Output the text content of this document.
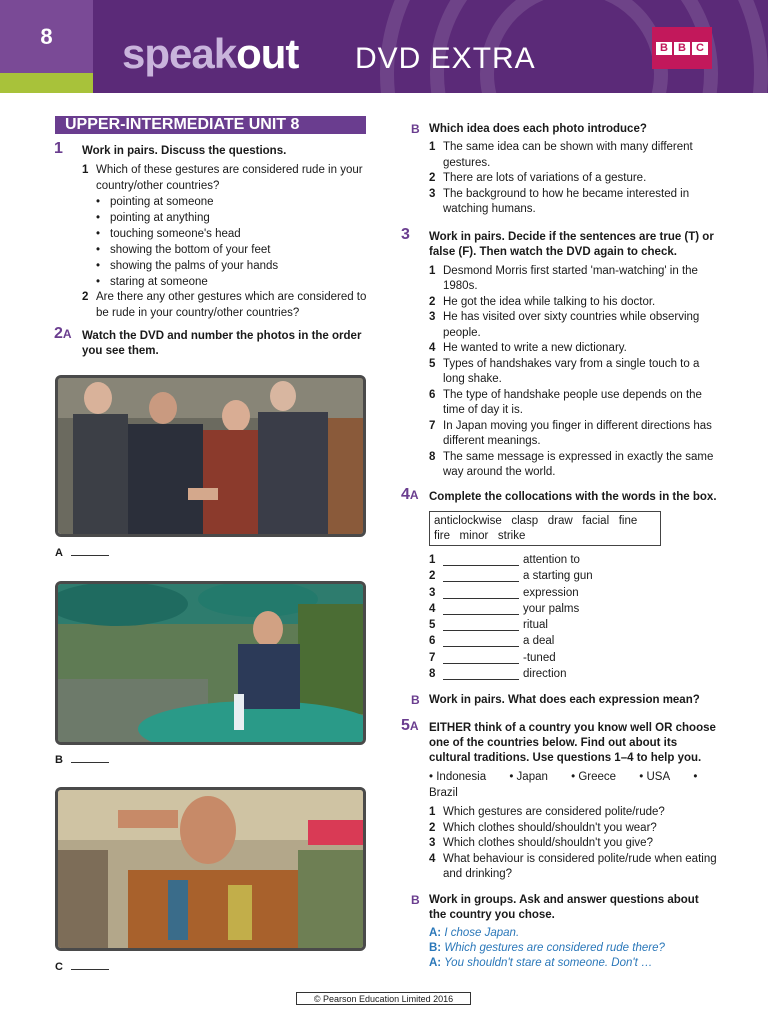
8	speakout DVD EXTRA	B B C
UPPER-INTERMEDIATE UNIT 8
1 Work in pairs. Discuss the questions.
1 Which of these gestures are considered rude in your country/other countries?
• pointing at someone
• pointing at anything
• touching someone's head
• showing the bottom of your feet
• showing the palms of your hands
• staring at someone
2 Are there any other gestures which are considered to be rude in your country/other countries?
2A Watch the DVD and number the photos in the order you see them.
A
B
C
B Which idea does each photo introduce?
1 The same idea can be shown with many different gestures.
2 There are lots of variations of a gesture.
3 The background to how he became interested in watching humans.
3 Work in pairs. Decide if the sentences are true (T) or false (F). Then watch the DVD again to check.
1 Desmond Morris first started 'man-watching' in the 1980s.
2 He got the idea while talking to his doctor.
3 He has visited over sixty countries while observing people.
4 He wanted to write a new dictionary.
5 Types of handshakes vary from a single touch to a long shake.
6 The type of handshake people use depends on the time of day it is.
7 In Japan moving you finger in different directions has different meanings.
8 The same message is expressed in exactly the same way around the world.
4A Complete the collocations with the words in the box.
anticlockwise   clasp   draw   facial   fine
fire   minor   strike
1	attention to
2	a starting gun
3	expression
4	your palms
5	ritual
6	a deal
7	-tuned
8	direction
B Work in pairs. What does each expression mean?
5A EITHER think of a country you know well OR choose one of the countries below. Find out about its cultural traditions. Use questions 1–4 to help you.
• Indonesia • Japan • Greece • USA • Brazil
1 Which gestures are considered polite/rude?
2 Which clothes should/shouldn't you wear?
3 Which clothes should/shouldn't you give?
4 What behaviour is considered polite/rude when eating and drinking?
B Work in groups. Ask and answer questions about the country you chose.
A: I chose Japan.
B: Which gestures are considered rude there?
A: You shouldn't stare at someone. Don't …
© Pearson Education Limited 2016
